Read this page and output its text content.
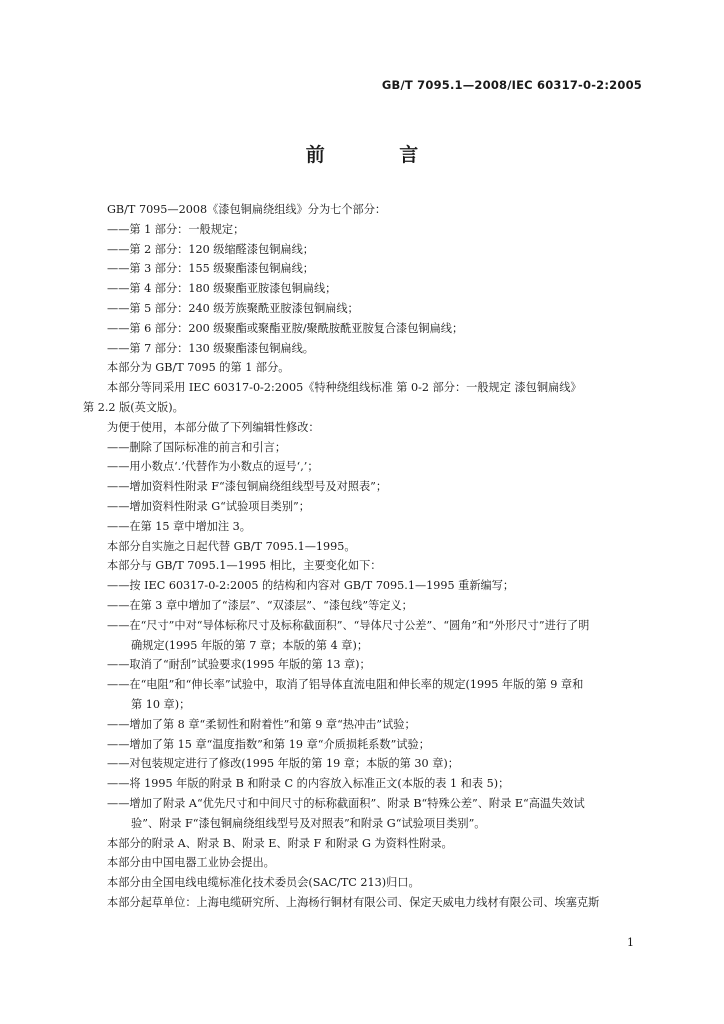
GB/T 7095.1—2008/IEC 60317-0-2:2005
前 言
GB/T 7095—2008《漆包铜扁绕组线》分为七个部分：
——第 1 部分：一般规定；
——第 2 部分：120 级缩醛漆包铜扁线；
——第 3 部分：155 级聚酯漆包铜扁线；
——第 4 部分：180 级聚酯亚胺漆包铜扁线；
——第 5 部分：240 级芳族聚酰亚胺漆包铜扁线；
——第 6 部分：200 级聚酯或聚酯亚胺/聚酰胺酰亚胺复合漆包铜扁线；
——第 7 部分：130 级聚酯漆包铜扁线。
本部分为 GB/T 7095 的第 1 部分。
本部分等同采用 IEC 60317-0-2:2005《特种绕组线标准 第 0-2 部分：一般规定 漆包铜扁线》
第 2.2 版(英文版)。
为便于使用，本部分做了下列编辑性修改：
——删除了国际标准的前言和引言；
——用小数点‘.’代替作为小数点的逗号‘,’；
——增加资料性附录 F“漆包铜扁绕组线型号及对照表”；
——增加资料性附录 G“试验项目类别”；
——在第 15 章中增加注 3。
本部分自实施之日起代替 GB/T 7095.1—1995。
本部分与 GB/T 7095.1—1995 相比，主要变化如下：
——按 IEC 60317-0-2:2005 的结构和内容对 GB/T 7095.1—1995 重新编写；
——在第 3 章中增加了“漆层”、“双漆层”、“漆包线”等定义；
——在“尺寸”中对“导体标称尺寸及标称截面积”、“导体尺寸公差”、“圆角”和“外形尺寸”进行了明
确规定(1995 年版的第 7 章；本版的第 4 章)；
——取消了“耐刮”试验要求(1995 年版的第 13 章)；
——在“电阻”和“伸长率”试验中，取消了铝导体直流电阻和伸长率的规定(1995 年版的第 9 章和
第 10 章)；
——增加了第 8 章“柔韧性和附着性”和第 9 章“热冲击”试验；
——增加了第 15 章“温度指数”和第 19 章“介质损耗系数”试验；
——对包装规定进行了修改(1995 年版的第 19 章；本版的第 30 章)；
——将 1995 年版的附录 B 和附录 C 的内容放入标准正文(本版的表 1 和表 5)；
——增加了附录 A“优先尺寸和中间尺寸的标称截面积”、附录 B“特殊公差”、附录 E“高温失效试
验”、附录 F“漆包铜扁绕组线型号及对照表”和附录 G“试验项目类别”。
本部分的附录 A、附录 B、附录 E、附录 F 和附录 G 为资料性附录。
本部分由中国电器工业协会提出。
本部分由全国电线电缆标准化技术委员会(SAC/TC 213)归口。
本部分起草单位：上海电缆研究所、上海杨行铜材有限公司、保定天威电力线材有限公司、埃塞克斯
1
